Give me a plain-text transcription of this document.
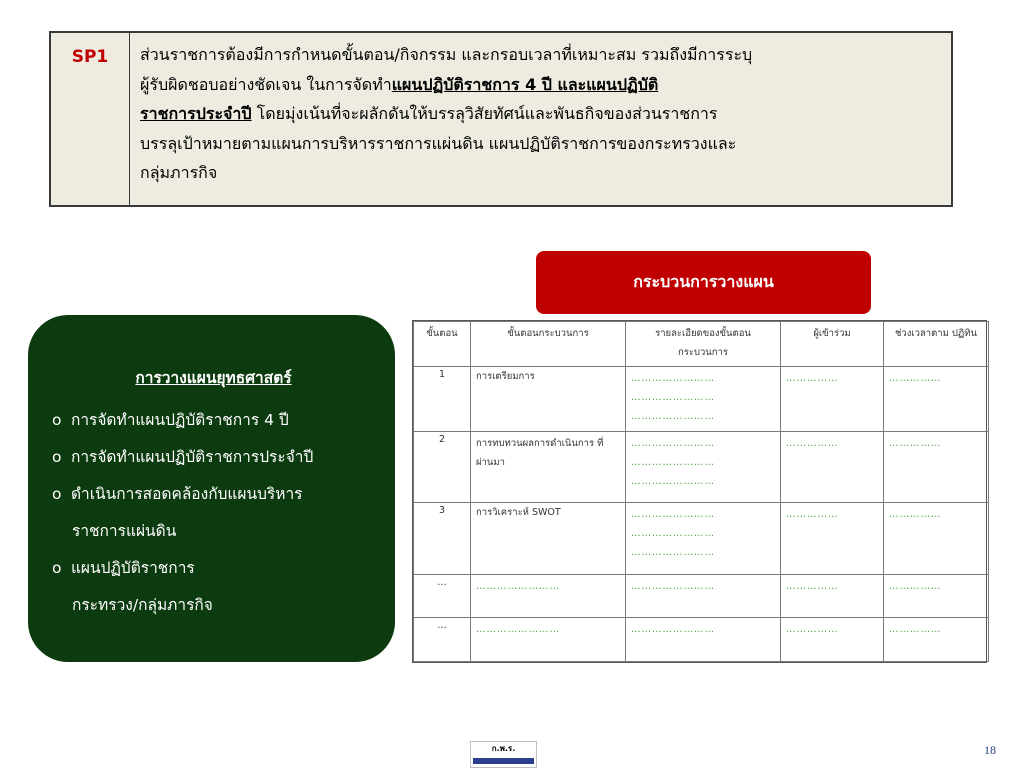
SP1	ส่วนราชการต้องมีการกำหนดขั้นตอน/กิจกรรม และกรอบเวลาที่เหมาะสม รวมถึงมีการระบุ
ผู้รับผิดชอบอย่างชัดเจน ในการจัดทำแผนปฏิบัติราชการ 4 ปี และแผนปฏิบัติ
ราชการประจำปี โดยมุ่งเน้นที่จะผลักดันให้บรรลุวิสัยทัศน์และพันธกิจของส่วนราชการ
บรรลุเป้าหมายตามแผนการบริหารราชการแผ่นดิน แผนปฏิบัติราชการของกระทรวงและ
กลุ่มภารกิจ
กระบวนการวางแผน
การวางแผนยุทธศาสตร์
o การจัดทำแผนปฏิบัติราชการ 4 ปี
o การจัดทำแผนปฏิบัติราชการประจำปี
o ดำเนินการสอดคล้องกับแผนบริหาร
ราชการแผ่นดิน
o แผนปฏิบัติราชการ
กระทรวง/กลุ่มภารกิจ
ขั้นตอน	ขั้นตอนกระบวนการ	รายละเอียดของขั้นตอน กระบวนการ	ผู้เข้าร่วม	ช่วงเวลาตาม ปฏิทิน
1	การเตรียมการ	……………………
……………………
……………………	……………	……………

2	การทบทวนผลการดำเนินการ ที่ผ่านมา	……………………
……………………
……………………	……………	……………

3	การวิเคราะห์ SWOT	……………………
……………………
……………………	……………	……………

…	……………………	……………………	……………	……………

…	……………………	……………………	……………	……………
ก.พ.ร.	18
